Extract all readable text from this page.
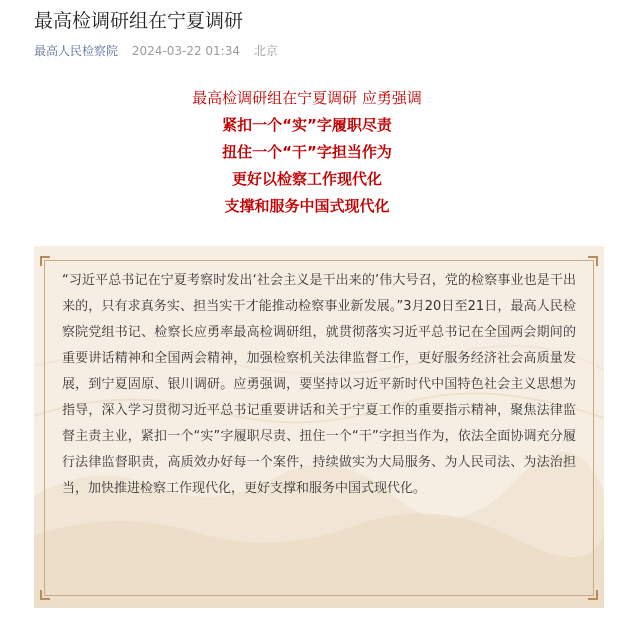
最高检调研组在宁夏调研
最高人民检察院 2024-03-22 01:34 北京

最高检调研组在宁夏调研 应勇强调

紧扣一个“实”字履职尽责

扭住一个“干”字担当作为

更好以检察工作现代化

支撑和服务中国式现代化

“习近平总书记在宁夏考察时发出‘社会主义是干出来的’伟大号召，党的检察事业也是干出来的，只有求真务实、担当实干才能推动检察事业新发展。”3月20日至21日，最高人民检察院党组书记、检察长应勇率最高检调研组，就贯彻落实习近平总书记在全国两会期间的重要讲话精神和全国两会精神，加强检察机关法律监督工作，更好服务经济社会高质量发展，到宁夏固原、银川调研。应勇强调，要坚持以习近平新时代中国特色社会主义思想为指导，深入学习贯彻习近平总书记重要讲话和关于宁夏工作的重要指示精神，聚焦法律监督主责主业，紧扣一个“实”字履职尽责、扭住一个“干”字担当作为，依法全面协调充分履行法律监督职责，高质效办好每一个案件，持续做实为大局服务、为人民司法、为法治担当，加快推进检察工作现代化，更好支撑和服务中国式现代化。
